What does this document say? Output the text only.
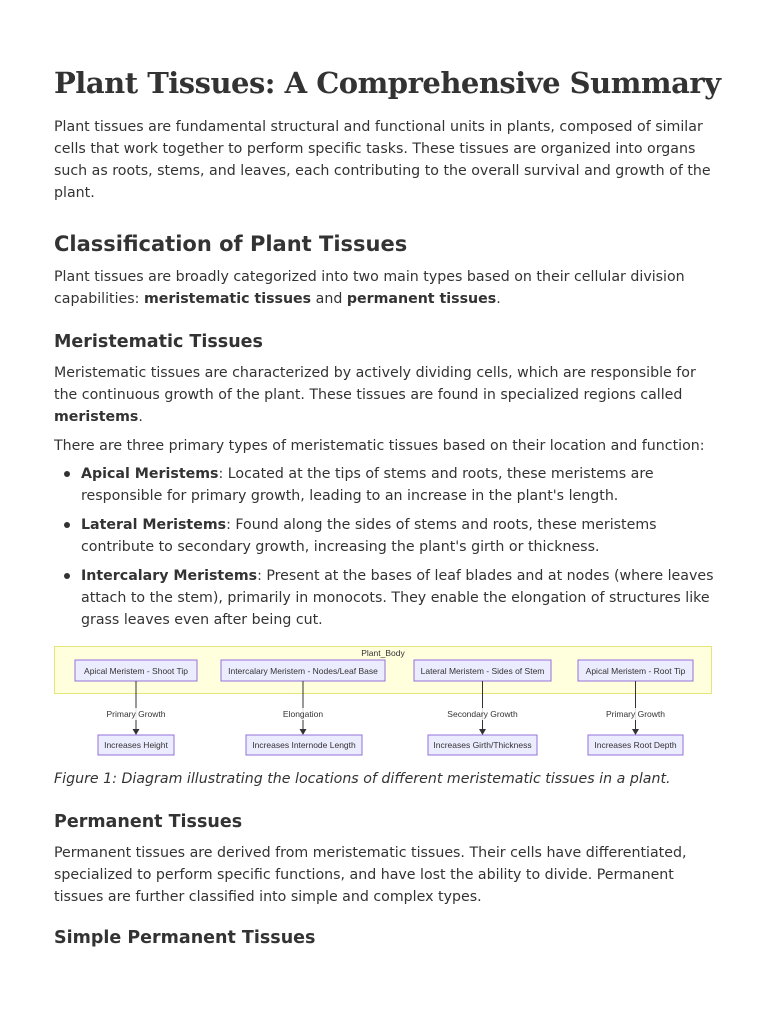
Plant Tissues: A Comprehensive Summary

Plant tissues are fundamental structural and functional units in plants, composed of similar cells that work together to perform specific tasks. These tissues are organized into organs such as roots, stems, and leaves, each contributing to the overall survival and growth of the plant.

Classification of Plant Tissues

Plant tissues are broadly categorized into two main types based on their cellular division capabilities: meristematic tissues and permanent tissues.

Meristematic Tissues

Meristematic tissues are characterized by actively dividing cells, which are responsible for the continuous growth of the plant. These tissues are found in specialized regions called meristems.

There are three primary types of meristematic tissues based on their location and function:

Apical Meristems: Located at the tips of stems and roots, these meristems are responsible for primary growth, leading to an increase in the plant's length.
Lateral Meristems: Found along the sides of stems and roots, these meristems contribute to secondary growth, increasing the plant's girth or thickness.
Intercalary Meristems: Present at the bases of leaf blades and at nodes (where leaves attach to the stem), primarily in monocots. They enable the elongation of structures like grass leaves even after being cut.
Plant_Body
Apical Meristem - Shoot Tip
Primary Growth
Increases Height
Intercalary Meristem - Nodes/Leaf Base
Elongation
Increases Internode Length
Lateral Meristem - Sides of Stem
Secondary Growth
Increases Girth/Thickness
Apical Meristem - Root Tip
Primary Growth
Increases Root Depth

Figure 1: Diagram illustrating the locations of different meristematic tissues in a plant.

Permanent Tissues

Permanent tissues are derived from meristematic tissues. Their cells have differentiated, specialized to perform specific functions, and have lost the ability to divide. Permanent tissues are further classified into simple and complex types.

Simple Permanent Tissues
